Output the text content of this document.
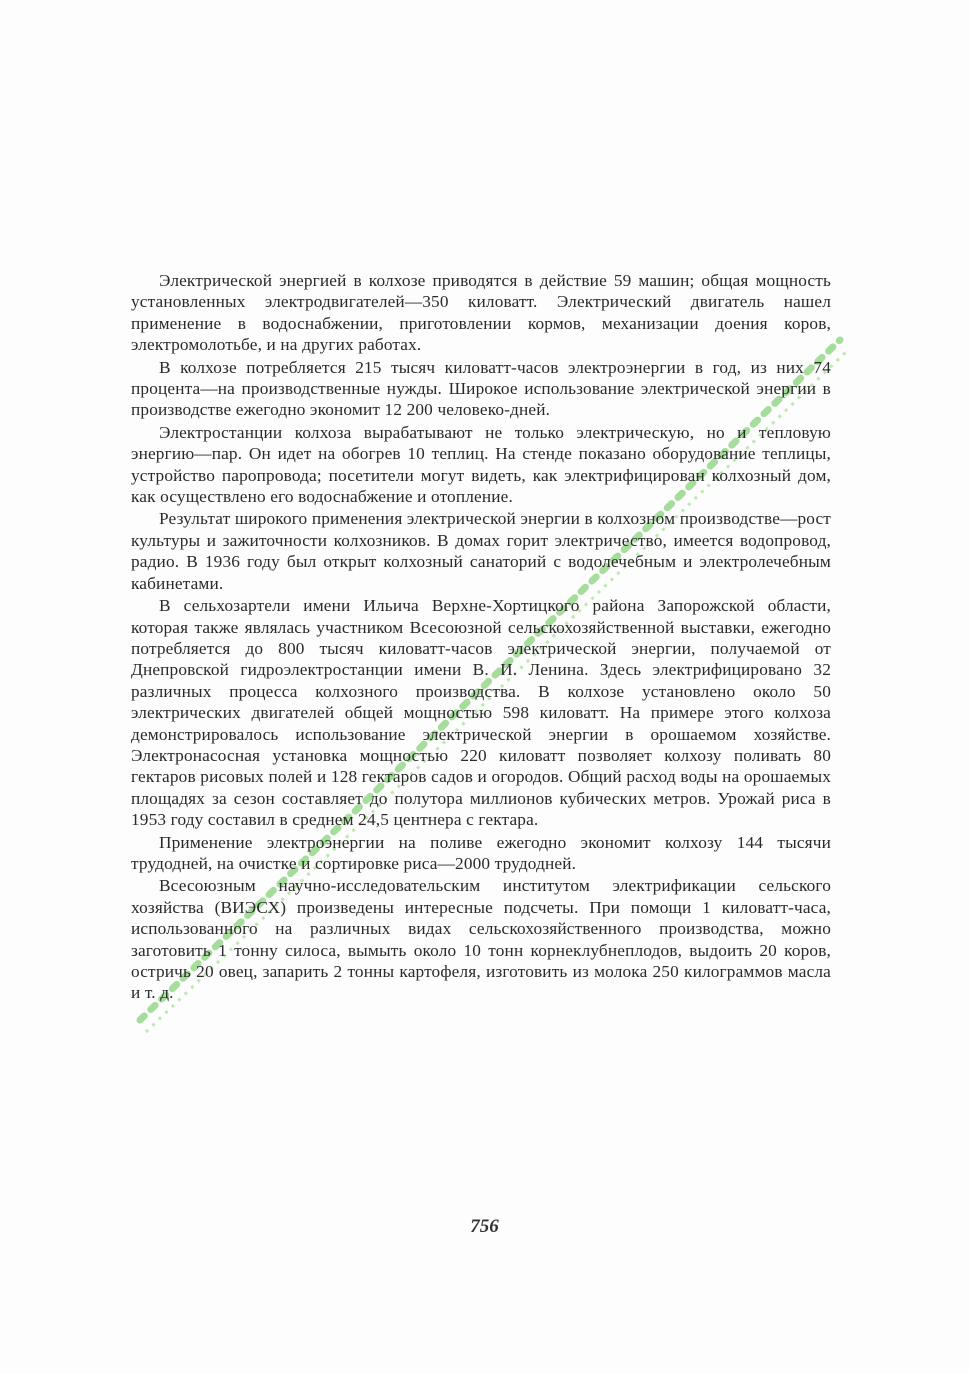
Электрической энергией в колхозе приводятся в действие 59 машин; общая мощность установленных электродвигателей—350 киловатт. Электрический двигатель нашел применение в водоснабжении, приготовлении кормов, механизации доения коров, электромолотьбе, и на других работах.

В колхозе потребляется 215 тысяч киловатт-часов электроэнергии в год, из них 74 процента—на производственные нужды. Широкое использование электрической энергии в производстве ежегодно экономит 12 200 человеко-дней.

Электростанции колхоза вырабатывают не только электрическую, но и тепловую энергию—пар. Он идет на обогрев 10 теплиц. На стенде показано оборудование теплицы, устройство паропровода; посетители могут видеть, как электрифицирован колхозный дом, как осуществлено его водоснабжение и отопление.

Результат широкого применения электрической энергии в колхозном производстве—рост культуры и зажиточности колхозников. В домах горит электричество, имеется водопровод, радио. В 1936 году был открыт колхозный санаторий с водолечебным и электролечебным кабинетами.

В сельхозартели имени Ильича Верхне-Хортицкого района Запорожской области, которая также являлась участником Всесоюзной сельскохозяйственной выставки, ежегодно потребляется до 800 тысяч киловатт-часов электрической энергии, получаемой от Днепровской гидроэлектростанции имени В. И. Ленина. Здесь электрифицировано 32 различных процесса колхозного производства. В колхозе установлено около 50 электрических двигателей общей мощностью 598 киловатт. На примере этого колхоза демонстрировалось использование электрической энергии в орошаемом хозяйстве. Электронасосная установка мощностью 220 киловатт позволяет колхозу поливать 80 гектаров рисовых полей и 128 гектаров садов и огородов. Общий расход воды на орошаемых площадях за сезон составляет до полутора миллионов кубических метров. Урожай риса в 1953 году составил в среднем 24,5 центнера с гектара.

Применение электроэнергии на поливе ежегодно экономит колхозу 144 тысячи трудодней, на очистке и сортировке риса—2000 трудодней.

Всесоюзным научно-исследовательским институтом электрификации сельского хозяйства (ВИЭСХ) произведены интересные подсчеты. При помощи 1 киловатт-часа, использованного на различных видах сельскохозяйственного производства, можно заготовить 1 тонну силоса, вымыть около 10 тонн корнеклубнеплодов, выдоить 20 коров, остричь 20 овец, запарить 2 тонны картофеля, изготовить из молока 250 килограммов масла и т. д.

756
